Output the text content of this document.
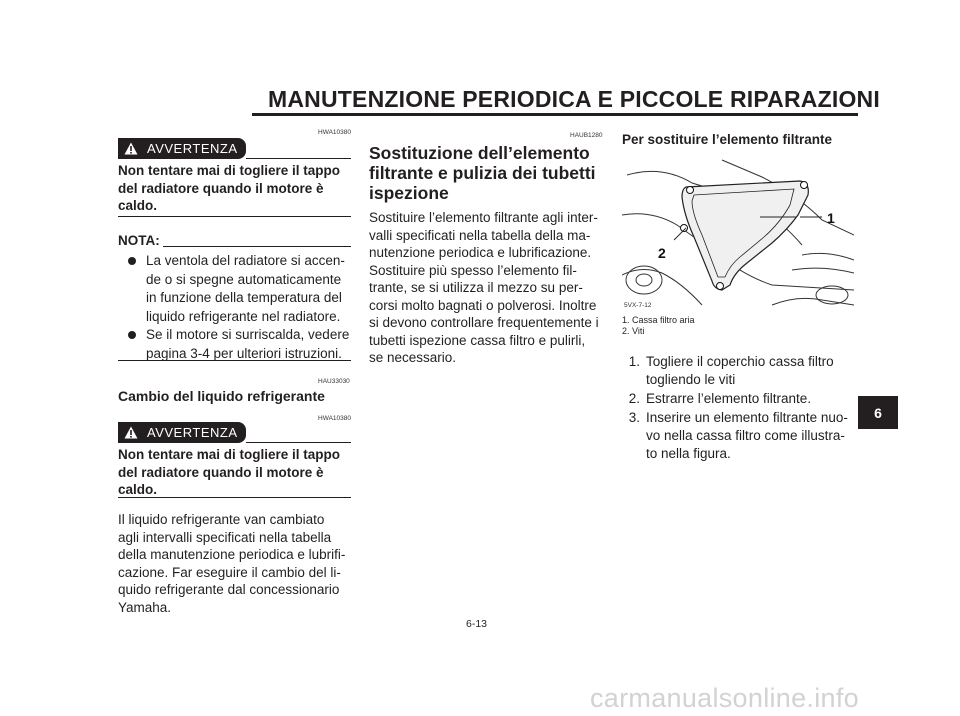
MANUTENZIONE PERIODICA E PICCOLE RIPARAZIONI
HWA10380
AVVERTENZA
Non tentare mai di togliere il tappo
del radiatore quando il motore è
caldo.
NOTA:
La ventola del radiatore si accen-
de o si spegne automaticamente
in funzione della temperatura del
liquido refrigerante nel radiatore.
Se il motore si surriscalda, vedere
pagina 3-4 per ulteriori istruzioni.
HAU33030
Cambio del liquido refrigerante
HWA10380
AVVERTENZA
Non tentare mai di togliere il tappo
del radiatore quando il motore è
caldo.
Il liquido refrigerante van cambiato
agli intervalli specificati nella tabella
della manutenzione periodica e lubrifi-
cazione. Far eseguire il cambio del li-
quido refrigerante dal concessionario
Yamaha.
HAUB1280
Sostituzione dell’elemento
filtrante e pulizia dei tubetti
ispezione
Sostituire l’elemento filtrante agli inter-
valli specificati nella tabella della ma-
nutenzione periodica e lubrificazione.
Sostituire più spesso l’elemento fil-
trante, se si utilizza il mezzo su per-
corsi molto bagnati o polverosi. Inoltre
si devono controllare frequentemente i
tubetti ispezione cassa filtro e pulirli,
se necessario.
Per sostituire l’elemento filtrante
1
2
5VX-7-12
1. Cassa filtro aria
2. Viti
1. Togliere il coperchio cassa filtro
togliendo le viti
2. Estrarre l’elemento filtrante.
3. Inserire un elemento filtrante nuo-
vo nella cassa filtro come illustra-
to nella figura.
6-13
6
carmanualsonline.info
